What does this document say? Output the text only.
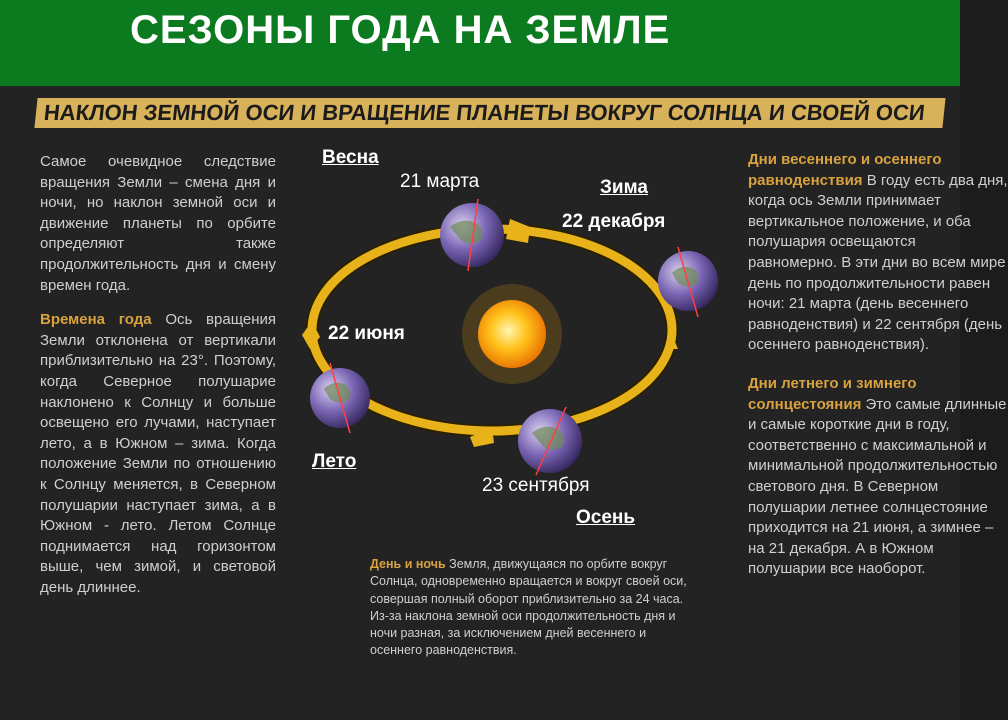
СЕЗОНЫ ГОДА НА ЗЕМЛЕ
НАКЛОН ЗЕМНОЙ ОСИ И ВРАЩЕНИЕ ПЛАНЕТЫ ВОКРУГ СОЛНЦА И СВОЕЙ ОСИ

Самое очевидное следствие вращения Земли – смена дня и ночи, но наклон земной оси и движение планеты по орбите определяют также продолжительность дня и смену времен года.

Времена года Ось вращения Земли отклонена от вертикали приблизительно на 23°. Поэтому, когда Северное полушарие наклонено к Солнцу и больше освещено его лучами, наступает лето, а в Южном – зима. Когда положение Земли по отношению к Солнцу меняется, в Северном полушарии наступает зима, а в Южном - лето. Летом Солнце поднимается над горизонтом выше, чем зимой, и световой день длиннее.

Дни весеннего и осеннего равноденствия В году есть два дня, когда ось Земли принимает вертикальное положение, и оба полушария освещаются равномерно. В эти дни во всем мире день по продолжительности равен ночи: 21 марта (день весеннего равноденствия) и 22 сентября (день осеннего равноденствия).

Дни летнего и зимнего солнцестояния Это самые длинные и самые короткие дни в году, соответственно с максимальной и минимальной продолжительностью светового дня. В Северном полушарии летнее солнцестояние приходится на 21 июня, а зимнее – на 21 декабря. А в Южном полушарии все наоборот.

День и ночь Земля, движущаяся по орбите вокруг Солнца, одновременно вращается и вокруг своей оси, совершая полный оборот приблизительно за 24 часа. Из-за наклона земной оси продолжительность дня и ночи разная, за исключением дней весеннего и осеннего равноденствия.
Весна
21 марта	Зима
22 декабря
22 июня
Лето
23 сентября
Осень
